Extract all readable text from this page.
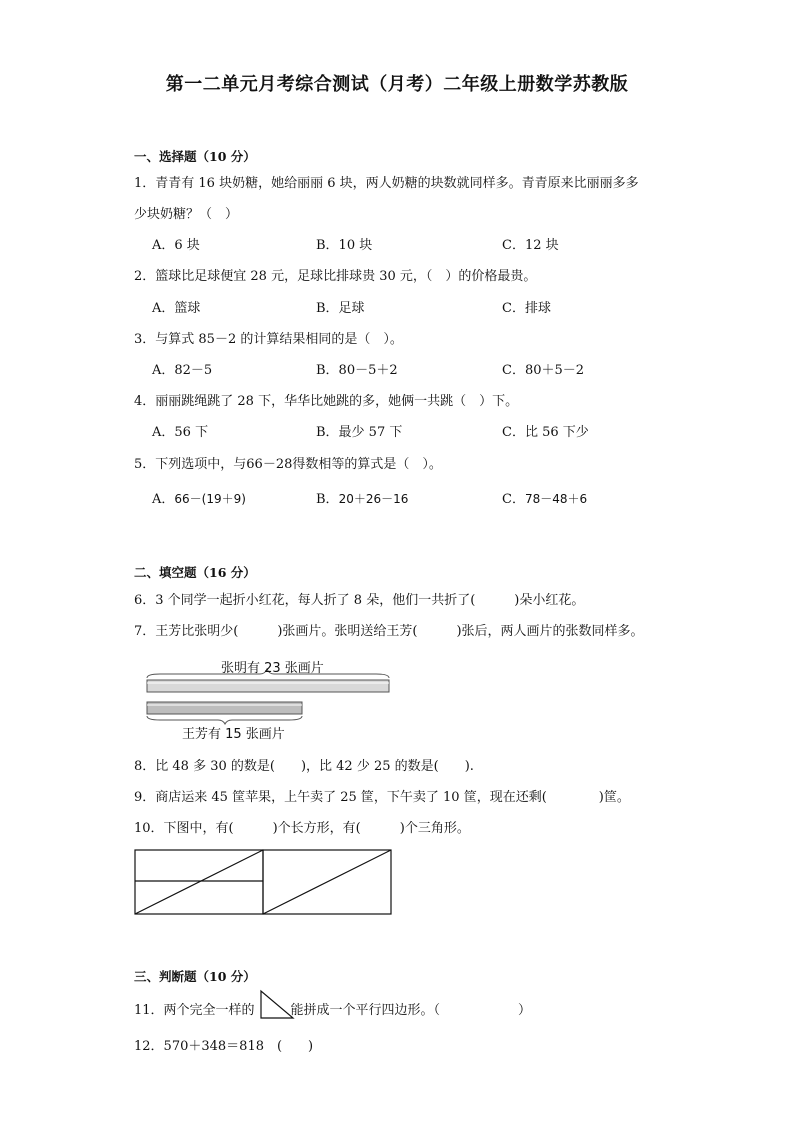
第一二单元月考综合测试（月考）二年级上册数学苏教版
一、选择题（10 分）
1．青青有 16 块奶糖，她给丽丽 6 块，两人奶糖的块数就同样多。青青原来比丽丽多多
少块奶糖？（　）
A．6 块	B．10 块	C．12 块
2．篮球比足球便宜 28 元，足球比排球贵 30 元，（　）的价格最贵。
A．篮球	B．足球	C．排球
3．与算式 85－2 的计算结果相同的是（　）。
A．82－5	B．80－5＋2	C．80＋5－2
4．丽丽跳绳跳了 28 下，华华比她跳的多，她俩一共跳（　）下。
A．56 下	B．最少 57 下	C．比 56 下少
5．下列选项中，与66－28得数相等的算式是（　）。
A．66－(19＋9)	B．20＋26－16	C．78－48＋6
二、填空题（16 分）
6．3 个同学一起折小红花，每人折了 8 朵，他们一共折了(　　　)朵小红花。
7．王芳比张明少(　　　)张画片。张明送给王芳(　　　)张后，两人画片的张数同样多。
张明有 23 张画片
王芳有 15 张画片
8．比 48 多 30 的数是(　　)，比 42 少 25 的数是(　　).
9．商店运来 45 筐苹果，上午卖了 25 筐，下午卖了 10 筐，现在还剩(　　　　)筐。
10．下图中，有(　　　)个长方形，有(　　　)个三角形。
三、判断题（10 分）
11．两个完全一样的	能拼成一个平行四边形。（　　　　　　）
12．570＋348＝818　(　　)
